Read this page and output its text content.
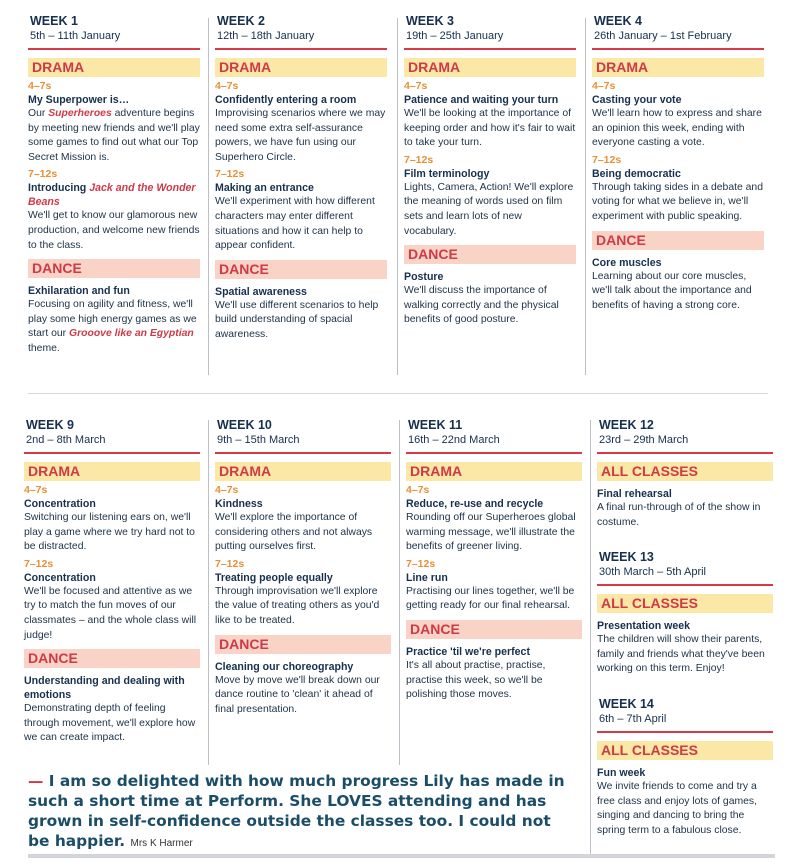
WEEK 1
5th – 11th January
DRAMA
4–7s
My Superpower is…
Our Superheroes adventure begins by meeting new friends and we'll play some games to find out what our Top Secret Mission is.
7–12s
Introducing Jack and the Wonder Beans
We'll get to know our glamorous new production, and welcome new friends to the class.
DANCE
Exhilaration and fun
Focusing on agility and fitness, we'll play some high energy games as we start our Grooove like an Egyptian theme.
WEEK 2
12th – 18th January
DRAMA
4–7s
Confidently entering a room
Improvising scenarios where we may need some extra self-assurance powers, we have fun using our Superhero Circle.
7–12s
Making an entrance
We'll experiment with how different characters may enter different situations and how it can help to appear confident.
DANCE
Spatial awareness
We'll use different scenarios to help build understanding of spacial awareness.
WEEK 3
19th – 25th January
DRAMA
4–7s
Patience and waiting your turn
We'll be looking at the importance of keeping order and how it's fair to wait to take your turn.
7–12s
Film terminology
Lights, Camera, Action! We'll explore the meaning of words used on film sets and learn lots of new vocabulary.
DANCE
Posture
We'll discuss the importance of walking correctly and the physical benefits of good posture.
WEEK 4
26th January – 1st February
DRAMA
4–7s
Casting your vote
We'll learn how to express and share an opinion this week, ending with everyone casting a vote.
7–12s
Being democratic
Through taking sides in a debate and voting for what we believe in, we'll experiment with public speaking.
DANCE
Core muscles
Learning about our core muscles, we'll talk about the importance and benefits of having a strong core.
WEEK 9
2nd – 8th March
DRAMA
4–7s
Concentration
Switching our listening ears on, we'll play a game where we try hard not to be distracted.
7–12s
Concentration
We'll be focused and attentive as we try to match the fun moves of our classmates – and the whole class will judge!
DANCE
Understanding and dealing with emotions
Demonstrating depth of feeling through movement, we'll explore how we can create impact.
WEEK 10
9th – 15th March
DRAMA
4–7s
Kindness
We'll explore the importance of considering others and not always putting ourselves first.
7–12s
Treating people equally
Through improvisation we'll explore the value of treating others as you'd like to be treated.
DANCE
Cleaning our choreography
Move by move we'll break down our dance routine to 'clean' it ahead of final presentation.
WEEK 11
16th – 22nd March
DRAMA
4–7s
Reduce, re-use and recycle
Rounding off our Superheroes global warming message, we'll illustrate the benefits of greener living.
7–12s
Line run
Practising our lines together, we'll be getting ready for our final rehearsal.
DANCE
Practice 'til we're perfect
It's all about practise, practise, practise this week, so we'll be polishing those moves.
WEEK 12
23rd – 29th March
ALL CLASSES
Final rehearsal
A final run-through of of the show in costume.
WEEK 13
30th March – 5th April
ALL CLASSES
Presentation week
The children will show their parents, family and friends what they've been working on this term. Enjoy!
WEEK 14
6th – 7th April
ALL CLASSES
Fun week
We invite friends to come and try a free class and enjoy lots of games, singing and dancing to bring the spring term to a fabulous close.
— I am so delighted with how much progress Lily has made in such a short time at Perform. She LOVES attending and has grown in self-confidence outside the classes too. I could not be happier. Mrs K Harmer
